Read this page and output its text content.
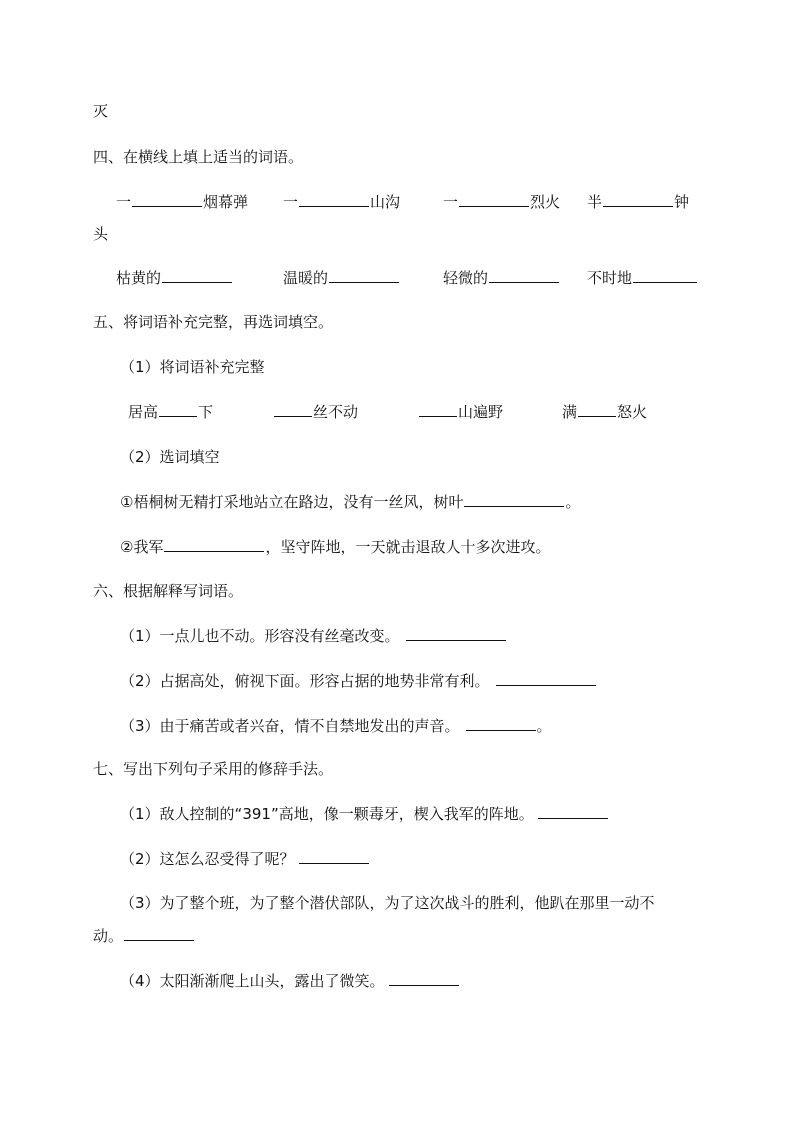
灭
四、在横线上填上适当的词语。
一	烟幕弹 一	山沟	一	烈火 半	钟
头
枯黄的	温暖的	轻微的	不时地
五、将词语补充完整，再选词填空。
（1）将词语补充完整
居高	下	丝不动	山遍野	满	怒火
（2）选词填空
①梧桐树无精打采地站立在路边，没有一丝风，树叶	。
②我军	，坚守阵地，一天就击退敌人十多次进攻。
六、根据解释写词语。
（1）一点儿也不动。形容没有丝毫改变。
（2）占据高处，俯视下面。形容占据的地势非常有利。
（3）由于痛苦或者兴奋，情不自禁地发出的声音。	。
七、写出下列句子采用的修辞手法。
（1）敌人控制的“391”高地，像一颗毒牙，楔入我军的阵地。
（2）这怎么忍受得了呢？
（3）为了整个班，为了整个潜伏部队，为了这次战斗的胜利，他趴在那里一动不
动。
（4）太阳渐渐爬上山头，露出了微笑。
